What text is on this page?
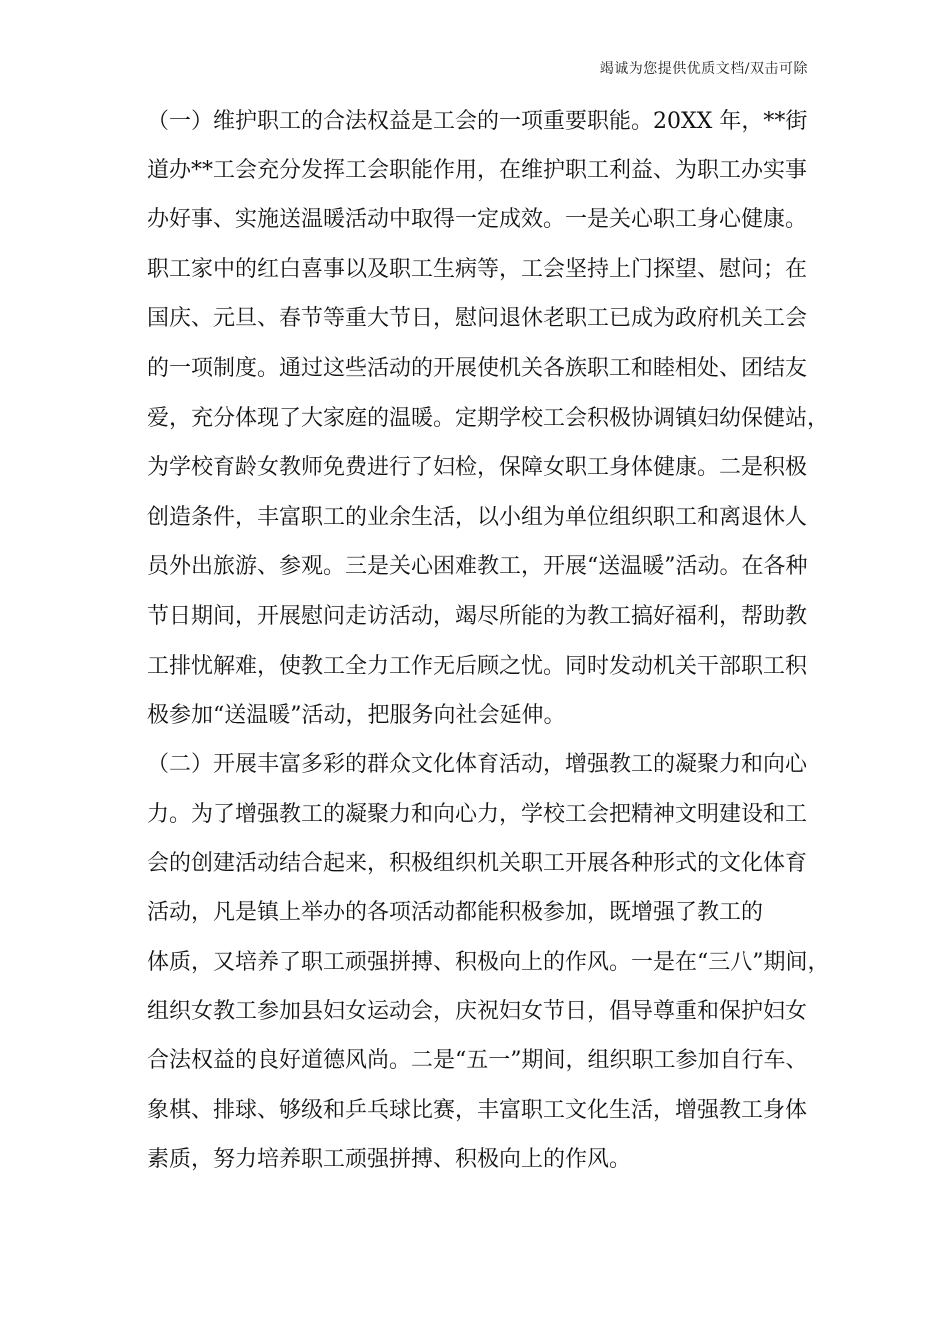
竭诚为您提供优质文档/双击可除
（一）维护职工的合法权益是工会的一项重要职能。20XX 年，**街
道办**工会充分发挥工会职能作用，在维护职工利益、为职工办实事
办好事、实施送温暖活动中取得一定成效。一是关心职工身心健康。
职工家中的红白喜事以及职工生病等，工会坚持上门探望、慰问；在
国庆、元旦、春节等重大节日，慰问退休老职工已成为政府机关工会
的一项制度。通过这些活动的开展使机关各族职工和睦相处、团结友
爱，充分体现了大家庭的温暖。定期学校工会积极协调镇妇幼保健站，
为学校育龄女教师免费进行了妇检，保障女职工身体健康。二是积极
创造条件，丰富职工的业余生活，以小组为单位组织职工和离退休人
员外出旅游、参观。三是关心困难教工，开展“送温暖”活动。在各种
节日期间，开展慰问走访活动，竭尽所能的为教工搞好福利，帮助教
工排忧解难，使教工全力工作无后顾之忧。同时发动机关干部职工积
极参加“送温暖”活动，把服务向社会延伸。
（二）开展丰富多彩的群众文化体育活动，增强教工的凝聚力和向心
力。为了增强教工的凝聚力和向心力，学校工会把精神文明建设和工
会的创建活动结合起来，积极组织机关职工开展各种形式的文化体育
活动，凡是镇上举办的各项活动都能积极参加，既增强了教工的
体质，又培养了职工顽强拼搏、积极向上的作风。一是在“三八”期间，
组织女教工参加县妇女运动会，庆祝妇女节日，倡导尊重和保护妇女
合法权益的良好道德风尚。二是“五一”期间，组织职工参加自行车、
象棋、排球、够级和乒乓球比赛，丰富职工文化生活，增强教工身体
素质，努力培养职工顽强拼搏、积极向上的作风。
